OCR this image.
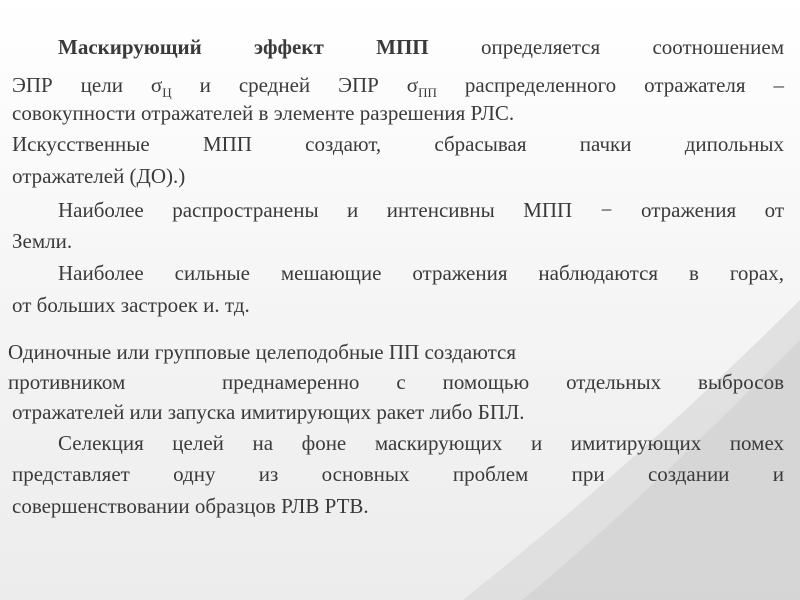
Маскирующий эффект МПП определяется соотношением
ЭПР цели $\sigma_Ц$ и средней ЭПР $\sigma_{ПП}$ распределенного отражателя –
совокупности отражателей в элементе разрешения РЛС.
Искусственные МПП создают, сбрасывая пачки дипольных
отражателей (ДО).)
Наиболее распространены и интенсивны МПП − отражения от
Земли.
Наиболее сильные мешающие отражения наблюдаются в горах,
от больших застроек и. тд.
Одиночные или групповые целеподобные ПП создаются
противником	преднамеренно с помощью отдельных выбросов
отражателей или запуска имитирующих ракет либо БПЛ.
Селекция целей на фоне маскирующих и имитирующих помех
представляет одну из основных проблем при создании и
совершенствовании образцов РЛВ РТВ.
